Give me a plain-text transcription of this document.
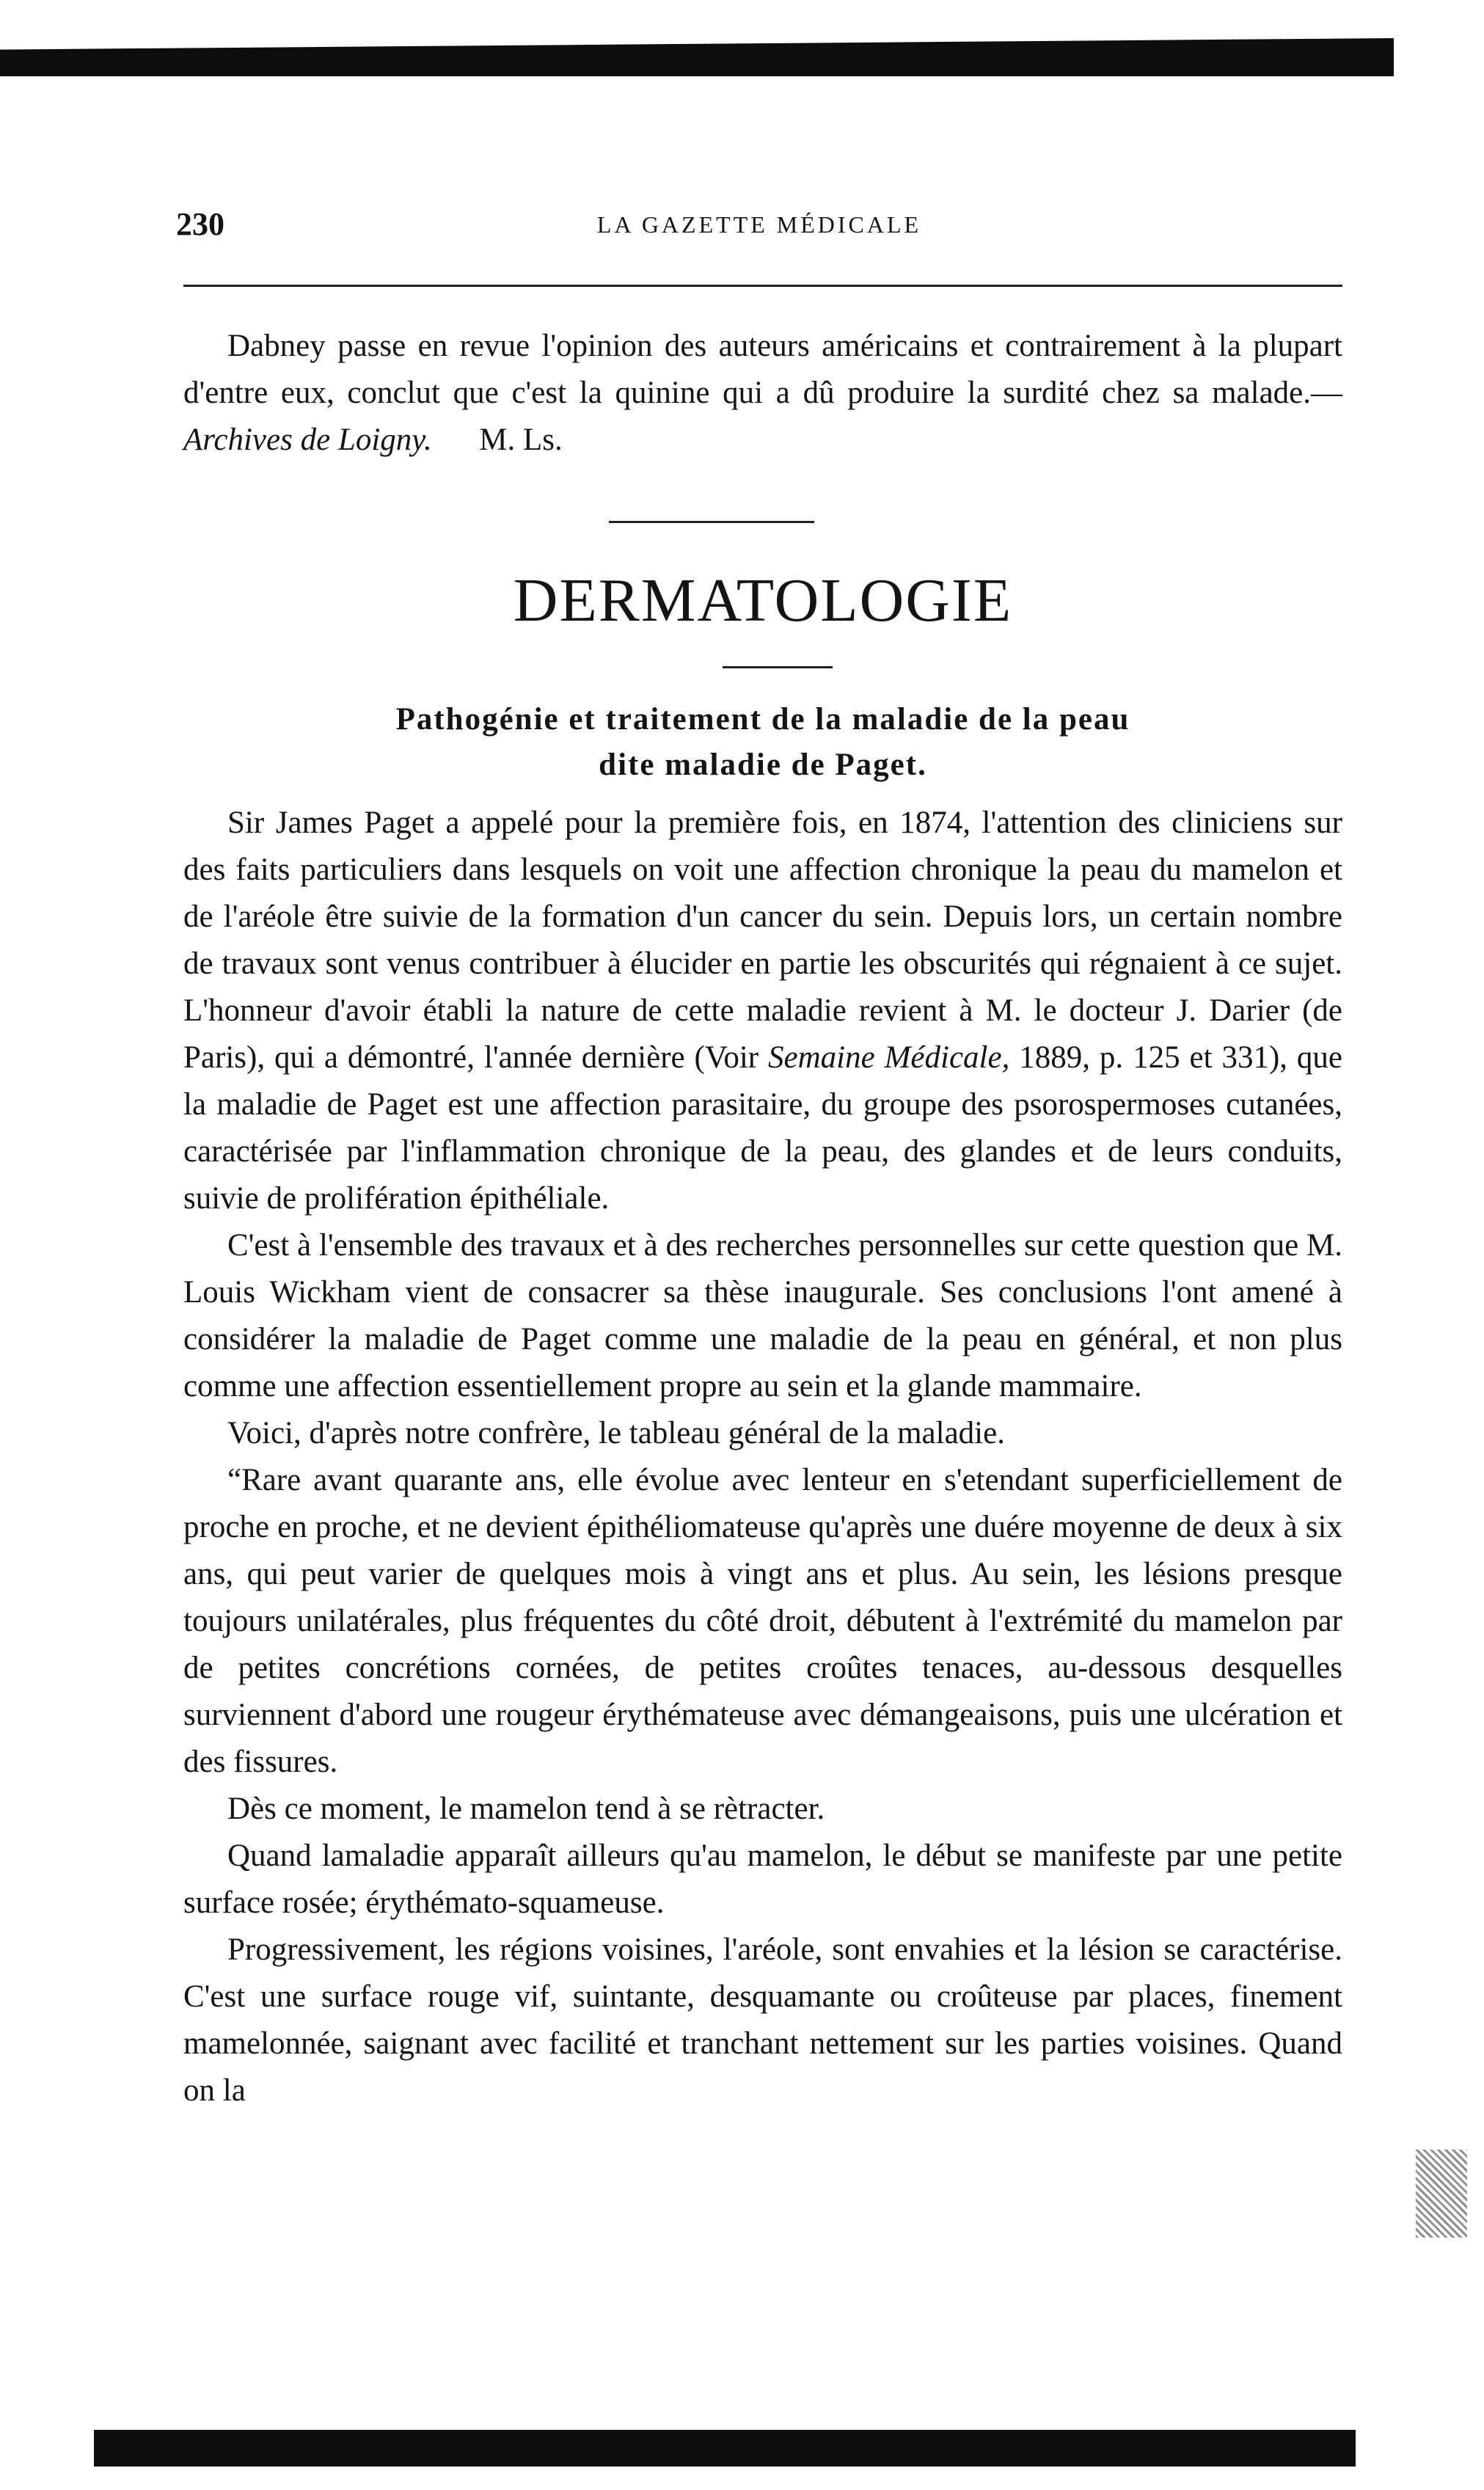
230	LA GAZETTE MÉDICALE

Dabney passe en revue l'opinion des auteurs américains et contrairement à la plupart d'entre eux, conclut que c'est la quinine qui a dû produire la surdité chez sa malade.—Archives de Loigny. M. Ls.

DERMATOLOGIE
Pathogénie et traitement de la maladie de la peau
dite maladie de Paget.

Sir James Paget a appelé pour la première fois, en 1874, l'attention des cliniciens sur des faits particuliers dans lesquels on voit une affection chronique la peau du mamelon et de l'aréole être suivie de la formation d'un cancer du sein. Depuis lors, un certain nombre de travaux sont venus contribuer à élucider en partie les obscurités qui régnaient à ce sujet. L'honneur d'avoir établi la nature de cette maladie revient à M. le docteur J. Darier (de Paris), qui a démontré, l'année dernière (Voir Semaine Médicale, 1889, p. 125 et 331), que la maladie de Paget est une affection parasitaire, du groupe des psorospermoses cutanées, caractérisée par l'inflammation chronique de la peau, des glandes et de leurs conduits, suivie de prolifération épithéliale.

C'est à l'ensemble des travaux et à des recherches personnelles sur cette question que M. Louis Wickham vient de consacrer sa thèse inaugurale. Ses conclusions l'ont amené à considérer la maladie de Paget comme une maladie de la peau en général, et non plus comme une affection essentiellement propre au sein et la glande mammaire.

Voici, d'après notre confrère, le tableau général de la maladie.

“Rare avant quarante ans, elle évolue avec lenteur en s'etendant superficiellement de proche en proche, et ne devient épithéliomateuse qu'après une duére moyenne de deux à six ans, qui peut varier de quelques mois à vingt ans et plus. Au sein, les lésions presque toujours unilatérales, plus fréquentes du côté droit, débutent à l'extrémité du mamelon par de petites concrétions cornées, de petites croûtes tenaces, au-dessous desquelles surviennent d'abord une rougeur érythémateuse avec démangeaisons, puis une ulcération et des fissures.

Dès ce moment, le mamelon tend à se rètracter.

Quand lamaladie apparaît ailleurs qu'au mamelon, le début se manifeste par une petite surface rosée; érythémato-squameuse.

Progressivement, les régions voisines, l'aréole, sont envahies et la lésion se caractérise. C'est une surface rouge vif, suintante, desquamante ou croûteuse par places, finement mamelonnée, saignant avec facilité et tranchant nettement sur les parties voisines. Quand on la
